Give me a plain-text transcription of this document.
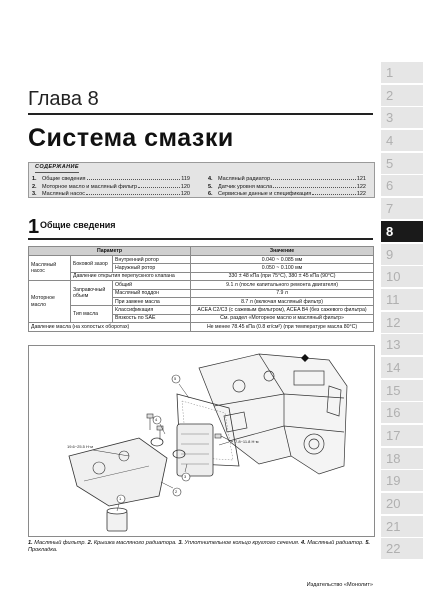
Глава 8
Система смазки
СОДЕРЖАНИЕ
1. Общие сведения	119
2. Моторное масло и масляный фильтр	120
3. Масляный насос	120
4. Масляный радиатор	121
5. Датчик уровня масла	122
6. Сервисные данные и спецификация	122
1 Общие сведения
Параметр			Значение
Масляный насос	Боковой зазор	Внутренний ротор	0.040 ~ 0.085 мм
		Наружный ротор	0.050 ~ 0.100 мм
	Давление открытия перепускного клапана		330 ± 48 кПа (при 75°С), 380 ± 45 кПа (90°С)
Моторное масло	Заправочный объем	Общий	9.1 л (после капитального ремонта двигателя)
		Масляный поддон	7.9 л
		При замене масла	8.7 л (включая масляный фильтр)
	Тип масла	Классификация	ACEA C2/C3 (с сажевым фильтром), ACEA B4 (без сажевого фильтра)
		Вязкость по SAE	См. раздел «Моторное масло и масляный фильтр»
Давление масла (на холостых оборотах)			Не менее 78.45 кПа (0.8 кг/см²) (при температуре масла 80°С)
5
4
3
2
1
19.6~25.5 Н·м
7.8~11.8 Н·м
1. Масляный фильтр. 2. Крышка масляного радиатора. 3. Уплотнительное кольцо круглого сечения. 4. Масляный радиатор. 5. Прокладка.
Издательство «Монолит»
1
2
3
4
5
6
7
8
9
10
11
12
13
14
15
16
17
18
19
20
21
22
